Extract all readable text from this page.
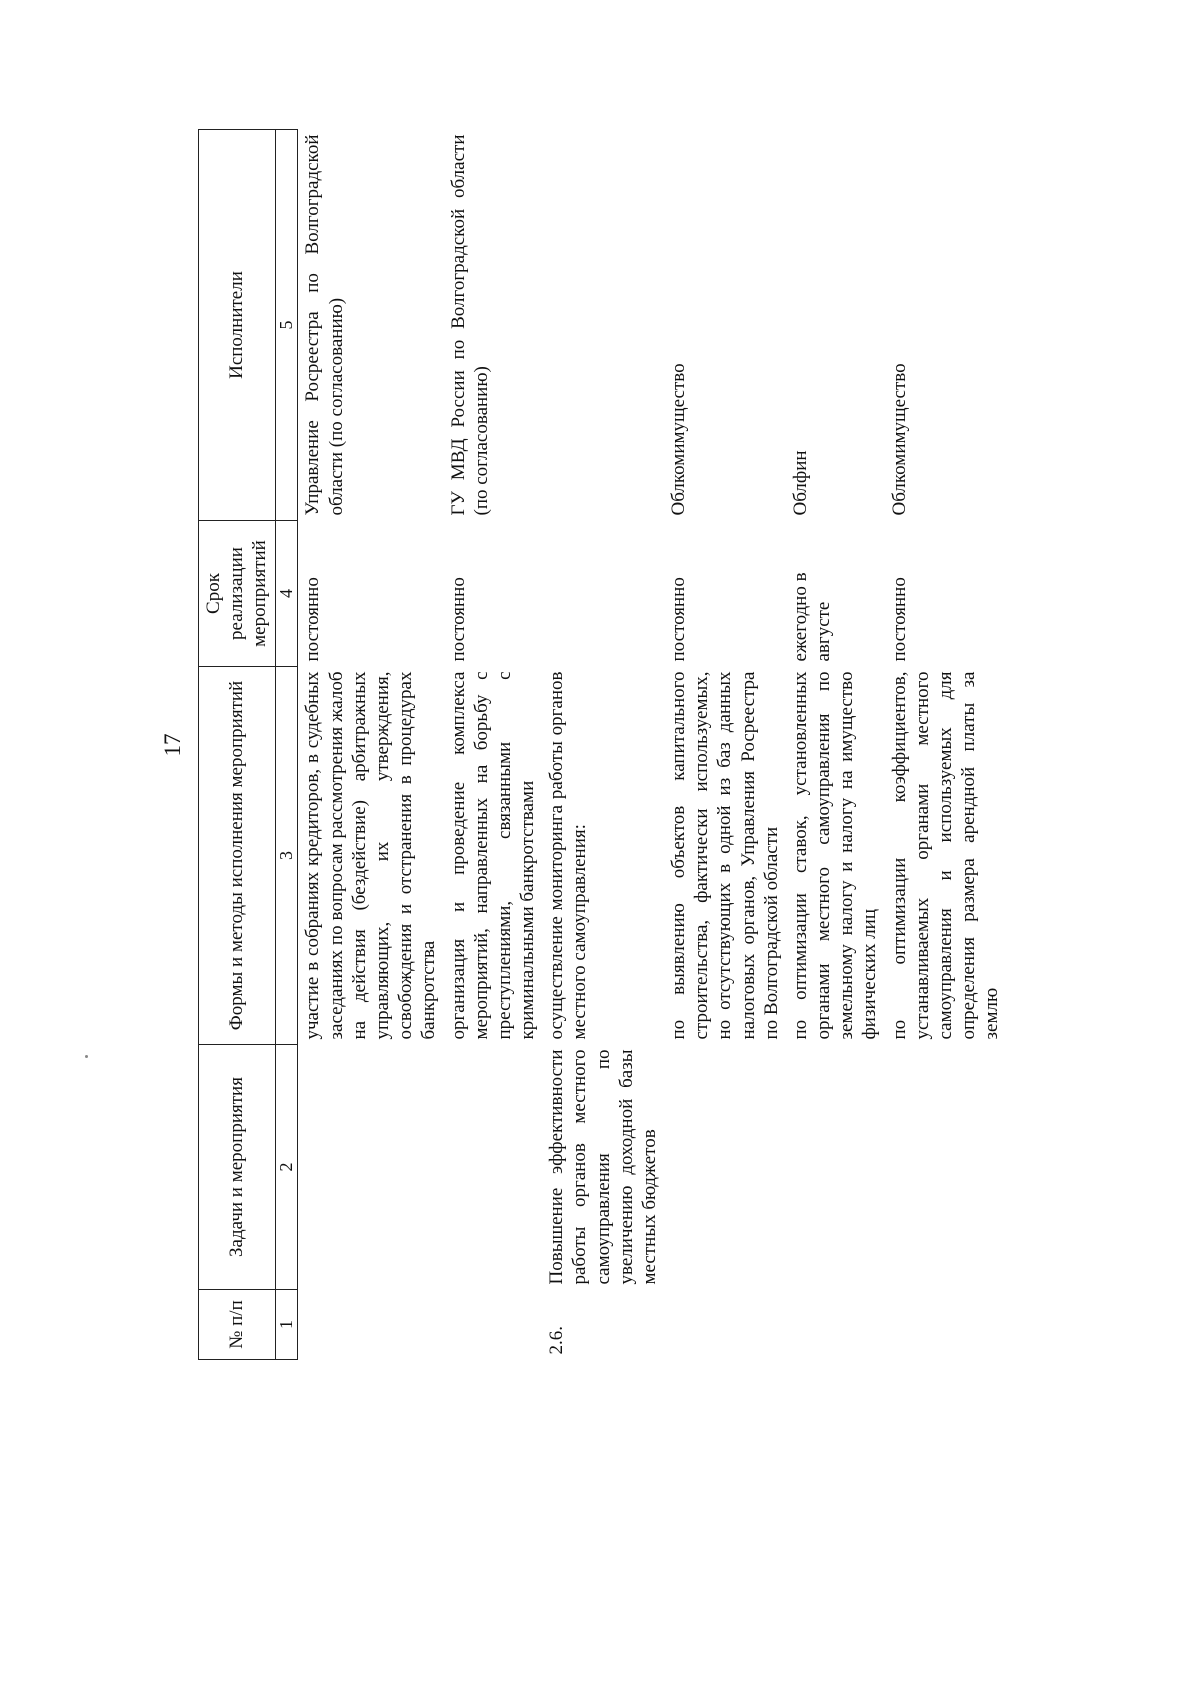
17
№ п/п	Задачи и мероприятия	Формы и методы исполнения мероприятий	Срок реализации мероприятий	Исполнители
1	2	3	4	5
		участие в собраниях кредиторов, в судебных заседаниях по вопросам рассмотрения жалоб на действия (бездействие) арбитражных управляющих, их утверждения, освобождения и отстранения в процедурах банкротства	постоянно	Управление Росреестра по Волгоградской области (по согласованию)
		организация и проведение комплекса мероприятий, направленных на борьбу с преступлениями, связанными с криминальными банкротствами	постоянно	ГУ МВД России по Волгоградской области (по согласованию)
2.6.	Повышение эффективности работы органов местного самоуправления по увеличению доходной базы местных бюджетов	осуществление мониторинга работы органов местного самоуправления:		
		по выявлению объектов капитального строительства, фактически используемых, но отсутствующих в одной из баз данных налоговых органов, Управления Росреестра по Волгоградской области	постоянно	Облкомимущество
		по оптимизации ставок, установленных органами местного самоуправления по земельному налогу и налогу на имущество физических лиц	ежегодно в августе	Облфин
		по оптимизации коэффициентов, устанавливаемых органами местного самоуправления и используемых для определения размера арендной платы за землю	постоянно	Облкомимущество
